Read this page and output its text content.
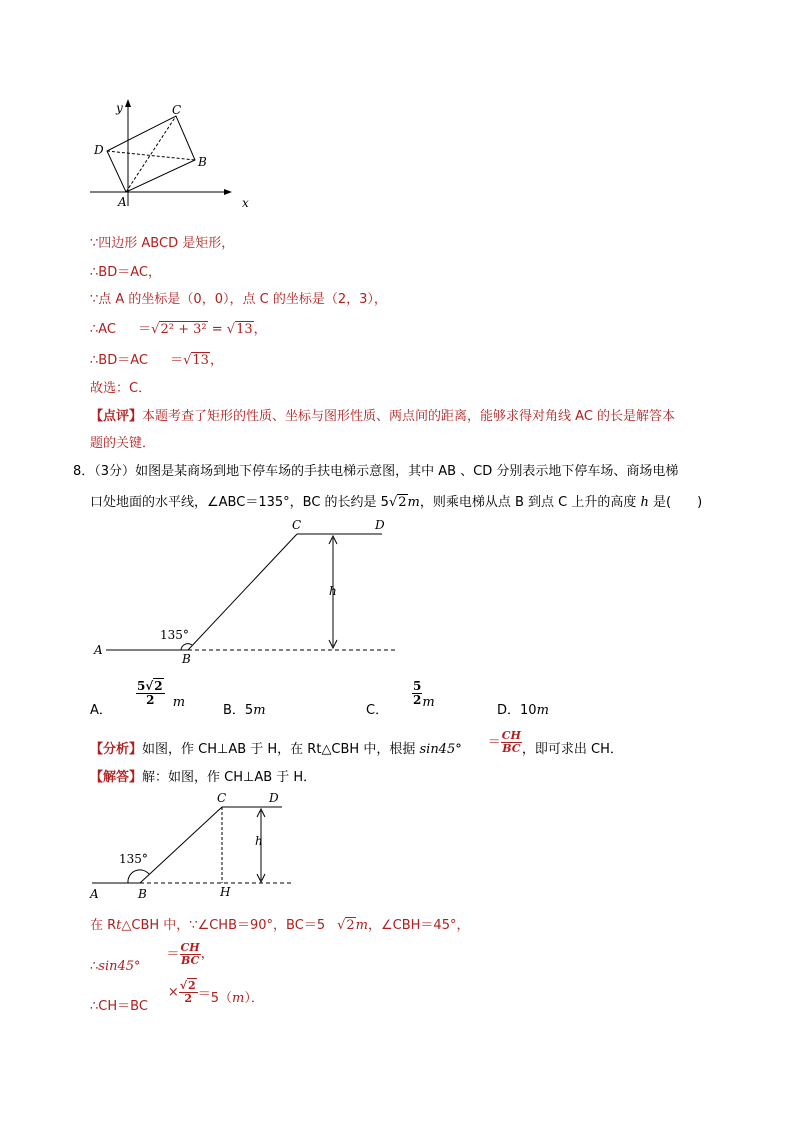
y
x
A
B
C
D
∵四边形 ABCD 是矩形，
∴BD＝AC，
∵点 A 的坐标是（0，0），点 C 的坐标是（2，3），
∴AC ＝√2² + 3² = √13，
∴BD＝AC ＝√13，
故选：C．
【点评】本题考查了矩形的性质、坐标与图形性质、两点间的距离，能够求得对角线 AC 的长是解答本
题的关键．
8．（3分）如图是某商场到地下停车场的手扶电梯示意图，其中 AB 、CD 分别表示地下停车场、商场电梯
口处地面的水平线，∠ABC＝135°，BC 的长约是 5√2m，则乘电梯从点 B 到点 C 上升的高度 h 是(　　)
A
B
C	D
h
135°
A．
$\frac{5√2}{2}$ m
B．5m	C．
$\frac{5}{2}$ m
D．10m
【分析】如图，作 CH⊥AB 于 H，在 Rt△CBH 中，根据 $\sin 45^\circ = \frac{CH}{BC}$ ，即可求出 CH．
【解答】解：如图，作 CH⊥AB 于 H．
A	B
C	D
H
h
135°
在 Rt△CBH 中，∵∠CHB＝90°，BC＝5 √2m，∠CBH＝45°，
∴sin45°＝ $\frac{CH}{BC}$ ，
∴CH＝BC× $\frac{√2}{2} =5(m)$．
